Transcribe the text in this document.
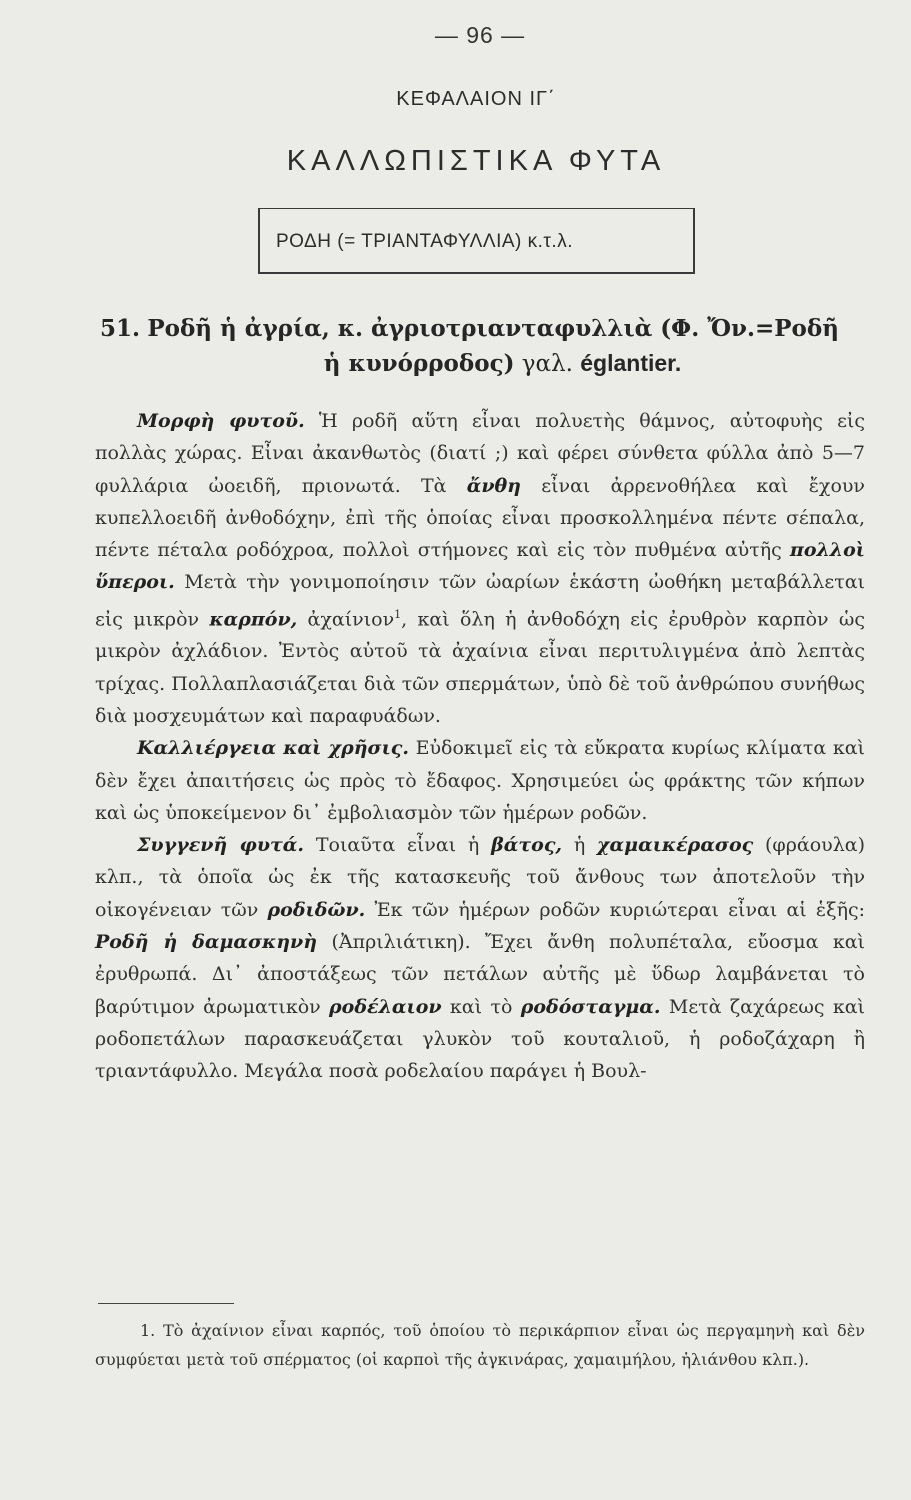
— 96 —
ΚΕΦΑΛΑΙΟΝ ΙΓ΄
ΚΑΛΛΩΠΙΣΤΙΚΑ ΦΥΤΑ
ΡΟΔΗ (= ΤΡΙΑΝΤΑΦΥΛΛΙΑ) κ.τ.λ.
51. Ροδῆ ἡ ἀγρία, κ. ἀγριοτριανταφυλλιὰ (Φ. Ὄν.=Ροδῆ
ἡ κυνόρροδος) γαλ. églantier.

Μορφὴ φυτοῦ. Ἡ ροδῆ αὕτη εἶναι πολυετὴς θάμνος, αὐτοφυὴς εἰς πολλὰς χώρας. Εἶναι ἀκανθωτὸς (διατί ;) καὶ φέρει σύνθετα φύλλα ἀπὸ 5—7 φυλλάρια ὠοειδῆ, πριονωτά. Τὰ ἄνθη εἶναι ἀρρενοθήλεα καὶ ἔχουν κυπελλοειδῆ ἀνθοδόχην, ἐπὶ τῆς ὁποίας εἶναι προσκολλημένα πέντε σέπαλα, πέντε πέταλα ροδόχροα, πολλοὶ στήμονες καὶ εἰς τὸν πυθμένα αὐτῆς πολλοὶ ὕπεροι. Μετὰ τὴν γονιμοποίησιν τῶν ὠαρίων ἑκάστη ὠοθήκη μεταβάλλεται εἰς μικρὸν καρπόν, ἀχαίνιον$^1$, καὶ ὅλη ἡ ἀνθοδόχη εἰς ἐρυθρὸν καρπὸν ὡς μικρὸν ἀχλάδιον. Ἐντὸς αὐτοῦ τὰ ἀχαίνια εἶναι περιτυλιγμένα ἀπὸ λεπτὰς τρίχας. Πολλαπλασιάζεται διὰ τῶν σπερμάτων, ὑπὸ δὲ τοῦ ἀνθρώπου συνήθως διὰ μοσχευμάτων καὶ παραφυάδων.

Καλλιέργεια καὶ χρῆσις. Εὐδοκιμεῖ εἰς τὰ εὔκρατα κυρίως κλίματα καὶ δὲν ἔχει ἀπαιτήσεις ὡς πρὸς τὸ ἔδαφος. Χρησιμεύει ὡς φράκτης τῶν κήπων καὶ ὡς ὑποκείμενον δι᾿ ἐμβολιασμὸν τῶν ἡμέρων ροδῶν.

Συγγενῆ φυτά. Τοιαῦτα εἶναι ἡ βάτος, ἡ χαμαικέρασος (φράουλα) κλπ., τὰ ὁποῖα ὡς ἐκ τῆς κατασκευῆς τοῦ ἄνθους των ἀποτελοῦν τὴν οἰκογένειαν τῶν ροδιδῶν. Ἐκ τῶν ἡμέρων ροδῶν κυριώτεραι εἶναι αἱ ἑξῆς: Ροδῆ ἡ δαμασκηνὴ (Ἀπριλιάτικη). Ἔχει ἄνθη πολυπέταλα, εὔοσμα καὶ ἐρυθρωπά. Δι᾿ ἀποστάξεως τῶν πετάλων αὐτῆς μὲ ὕδωρ λαμβάνεται τὸ βαρύτιμον ἀρωματικὸν ροδέλαιον καὶ τὸ ροδόσταγμα. Μετὰ ζαχάρεως καὶ ροδοπετάλων παρασκευάζεται γλυκὸν τοῦ κουταλιοῦ, ἡ ροδοζάχαρη ἢ τριαντάφυλλο. Μεγάλα ποσὰ ροδελαίου παράγει ἡ Βουλ-

1. Τὸ ἀχαίνιον εἶναι καρπός, τοῦ ὁποίου τὸ περικάρπιον εἶναι ὡς περγαμηνὴ καὶ δὲν συμφύεται μετὰ τοῦ σπέρματος (οἱ καρποὶ τῆς ἀγκινάρας, χαμαιμήλου, ἡλιάνθου κλπ.).
